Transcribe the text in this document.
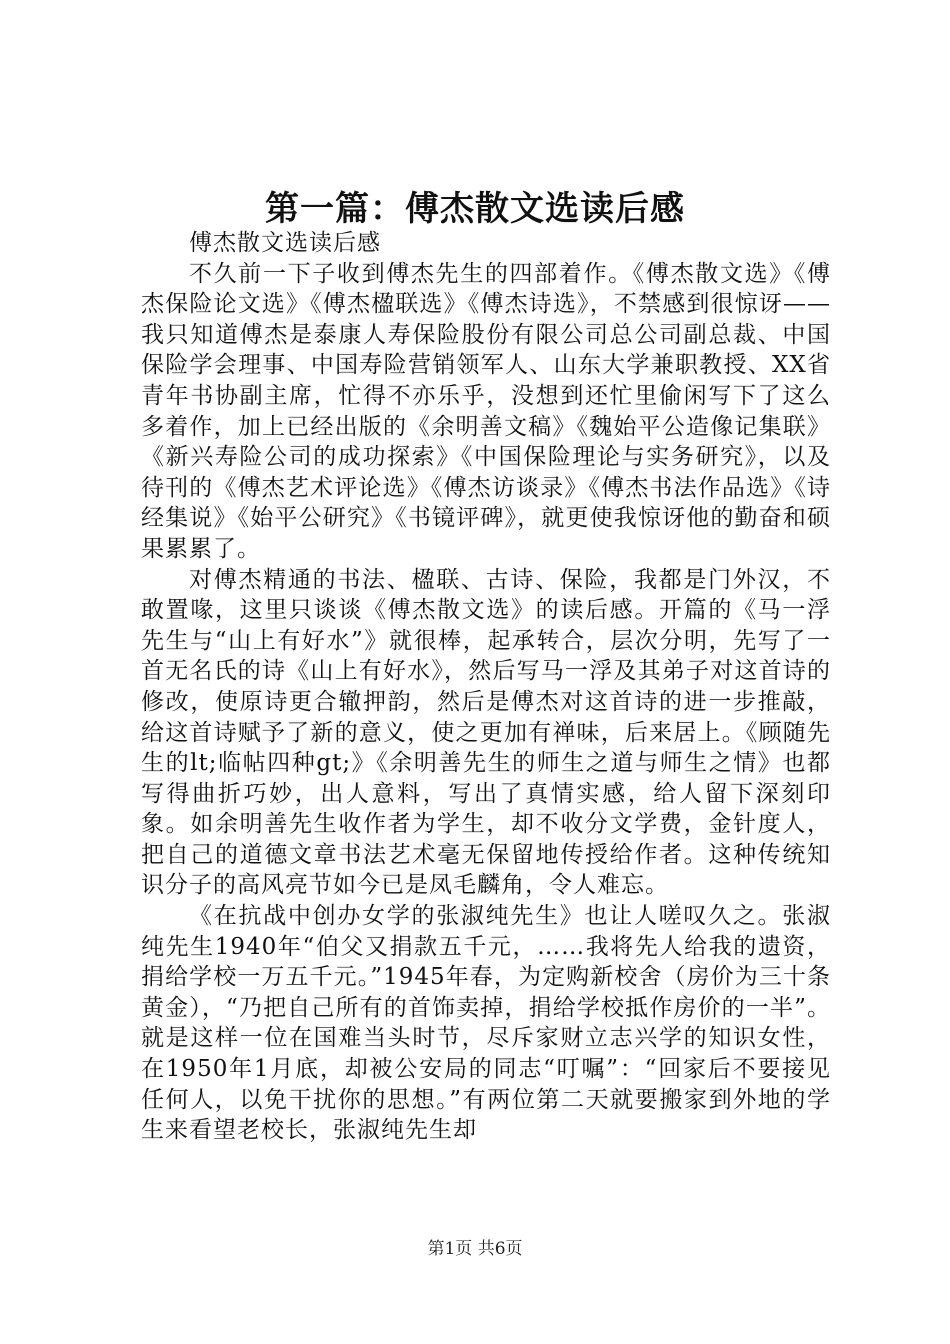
第一篇：傅杰散文选读后感

傅杰散文选读后感

不久前一下子收到傅杰先生的四部着作。《傅杰散文选》《傅杰保险论文选》《傅杰楹联选》《傅杰诗选》，不禁感到很惊讶——我只知道傅杰是泰康人寿保险股份有限公司总公司副总裁、中国保险学会理事、中国寿险营销领军人、山东大学兼职教授、XX省青年书协副主席，忙得不亦乐乎，没想到还忙里偷闲写下了这么多着作，加上已经出版的《余明善文稿》《魏始平公造像记集联》《新兴寿险公司的成功探索》《中国保险理论与实务研究》，以及待刊的《傅杰艺术评论选》《傅杰访谈录》《傅杰书法作品选》《诗经集说》《始平公研究》《书镜评碑》，就更使我惊讶他的勤奋和硕果累累了。

对傅杰精通的书法、楹联、古诗、保险，我都是门外汉，不敢置喙，这里只谈谈《傅杰散文选》的读后感。开篇的《马一浮先生与“山上有好水”》就很棒，起承转合，层次分明，先写了一首无名氏的诗《山上有好水》，然后写马一浮及其弟子对这首诗的修改，使原诗更合辙押韵，然后是傅杰对这首诗的进一步推敲，给这首诗赋予了新的意义，使之更加有禅味，后来居上。《顾随先生的lt;临帖四种gt;》《余明善先生的师生之道与师生之情》也都写得曲折巧妙，出人意料，写出了真情实感，给人留下深刻印象。如余明善先生收作者为学生，却不收分文学费，金针度人，把自己的道德文章书法艺术毫无保留地传授给作者。这种传统知识分子的高风亮节如今已是凤毛麟角，令人难忘。

《在抗战中创办女学的张淑纯先生》也让人嗟叹久之。张淑纯先生1940年“伯父又捐款五千元，……我将先人给我的遗资，捐给学校一万五千元。”1945年春，为定购新校舍（房价为三十条黄金），“乃把自己所有的首饰卖掉，捐给学校抵作房价的一半”。就是这样一位在国难当头时节，尽斥家财立志兴学的知识女性，在1950年1月底，却被公安局的同志“叮嘱”：“回家后不要接见任何人，以免干扰你的思想。”有两位第二天就要搬家到外地的学生来看望老校长，张淑纯先生却

第1页 共6页
